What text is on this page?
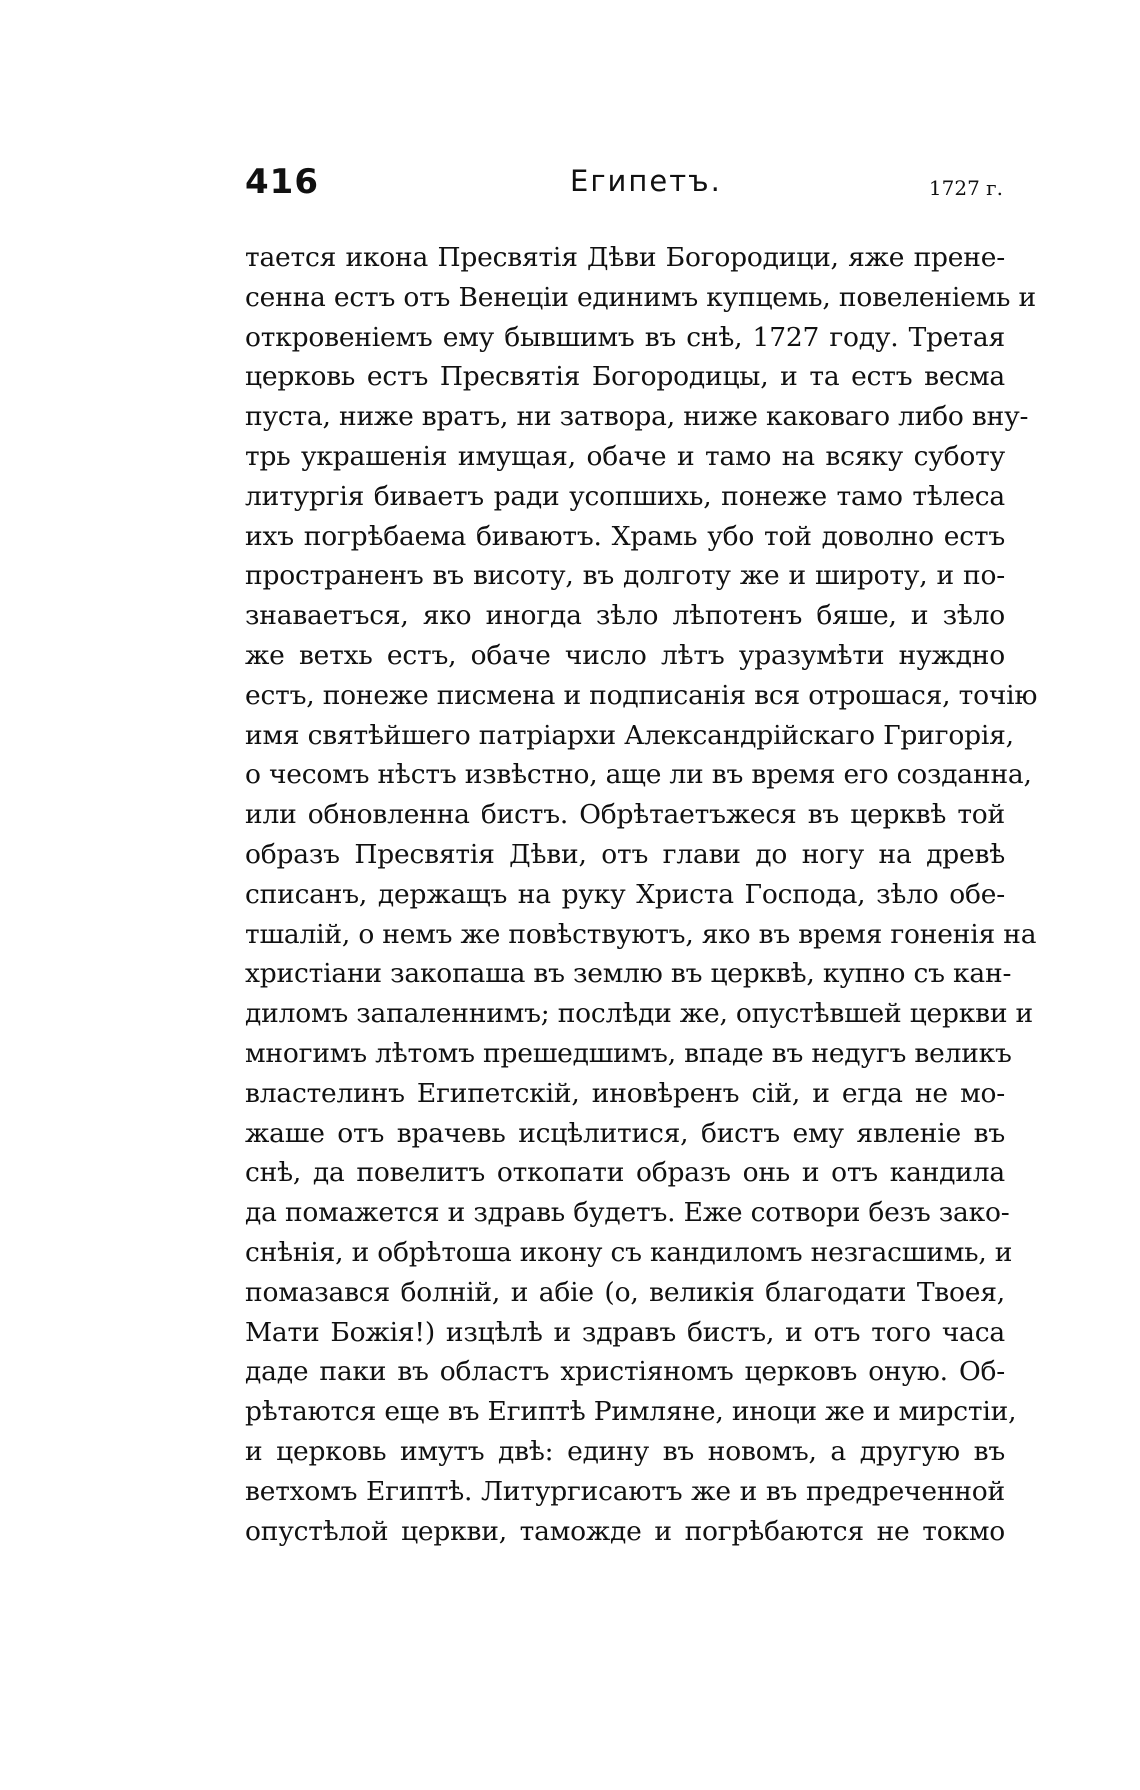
416	Египетъ.	1727 г.
тается икона Пресвятія Дѣви Богородици, яже прене-
сенна естъ отъ Венеціи единимъ купцемь, повеленіемь и
откровеніемъ ему бывшимъ въ снѣ, 1727 году. Третая
церковь естъ Пресвятія Богородицы, и та естъ весма
пуста, ниже вратъ, ни затвора, ниже каковаго либо вну-
трь украшенія имущая, обаче и тамо на всяку суботу
литургія биваетъ ради усопшихь, понеже тамо тѣлеса
ихъ погрѣбаема биваютъ. Храмь убо той доволно естъ
пространенъ въ висоту, въ долготу же и широту, и по-
знаваетъся, яко иногда зѣло лѣпотенъ бяше, и зѣло
же ветхь естъ, обаче число лѣтъ уразумѣти нуждно
естъ, понеже писмена и подписанія вся отрошася, точію
имя святѣйшего патріархи Александрійскаго Григорія,
о чесомъ нѣстъ извѣстно, аще ли въ время его созданна,
или обновленна бистъ. Обрѣтаетъжеся въ церквѣ той
образъ Пресвятія Дѣви, отъ глави до ногу на древѣ
списанъ, держащъ на руку Христа Господа, зѣло обе-
тшалій, о немъ же повѣствуютъ, яко въ время гоненія на
христіани закопаша въ землю въ церквѣ, купно съ кан-
диломъ запаленнимъ; послѣди же, опустѣвшей церкви и
многимъ лѣтомъ прешедшимъ, впаде въ недугъ великъ
властелинъ Египетскій, иновѣренъ сій, и егда не мо-
жаше отъ врачевь исцѣлитися, бистъ ему явленіе въ
снѣ, да повелитъ откопати образъ онь и отъ кандила
да помажется и здравь будетъ. Еже сотвори безъ зако-
снѣнія, и обрѣтоша икону съ кандиломъ незгасшимь, и
помазався болній, и абіе (о, великія благодати Твоея,
Мати Божія!) изцѣлѣ и здравъ бистъ, и отъ того часа
даде паки въ областъ христіяномъ церковъ оную. Об-
рѣтаются еще въ Египтѣ Римляне, иноци же и мирстіи,
и церковь имутъ двѣ: едину въ новомъ, а другую въ
ветхомъ Египтѣ. Литургисаютъ же и въ предреченной
опустѣлой церкви, таможде и погрѣбаются не токмо
